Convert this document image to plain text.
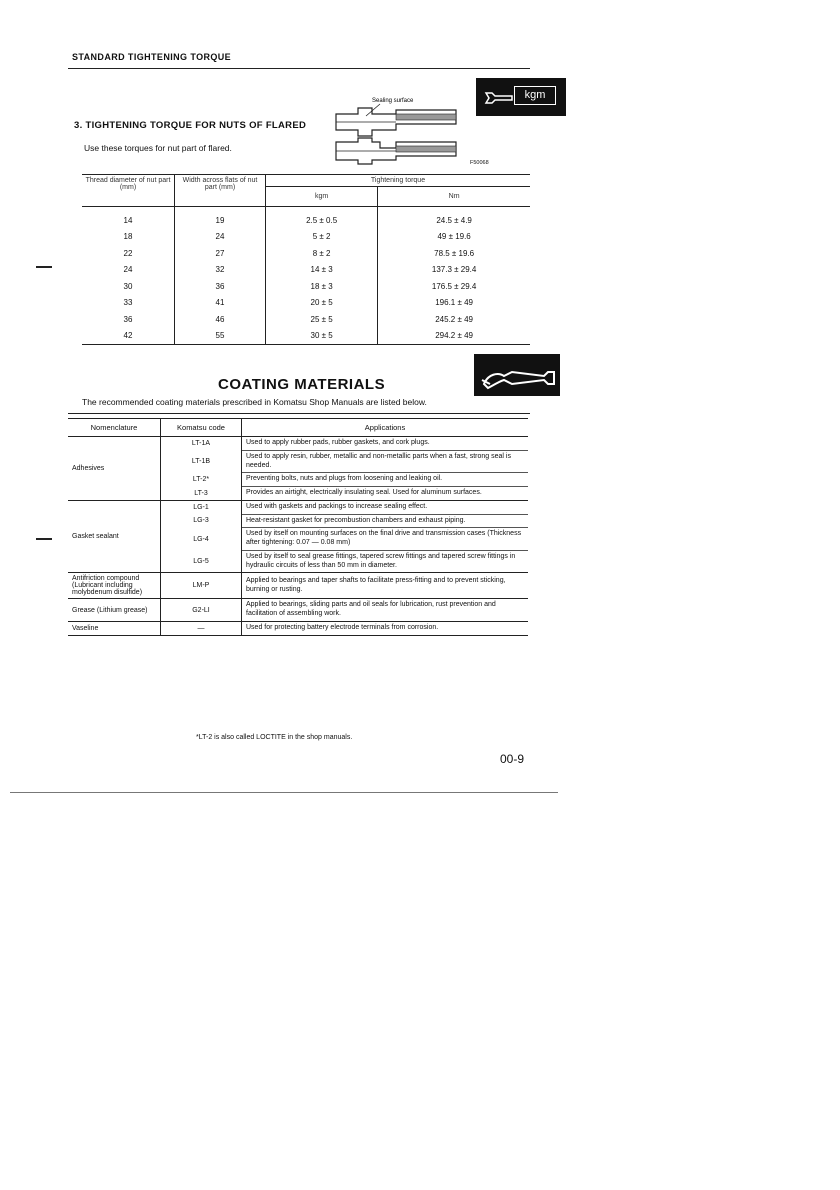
STANDARD TIGHTENING TORQUE
3. TIGHTENING TORQUE FOR NUTS OF FLARED
Use these torques for nut part of flared.
Sealing surface
F50068
kgm
Thread diameter of nut part (mm)	Width across flats of nut part (mm)	Tightening torque	
		kgm	Nm
14	19	2.5 ± 0.5	24.5 ± 4.9
18	24	5 ± 2	49 ± 19.6
22	27	8 ± 2	78.5 ± 19.6
24	32	14 ± 3	137.3 ± 29.4
30	36	18 ± 3	176.5 ± 29.4
33	41	20 ± 5	196.1 ± 49
36	46	25 ± 5	245.2 ± 49
42	55	30 ± 5	294.2 ± 49
COATING MATERIALS
The recommended coating materials prescribed in Komatsu Shop Manuals are listed below.
Nomenclature	Komatsu code	Applications
Adhesives	LT-1A	Used to apply rubber pads, rubber gaskets, and cork plugs.
	LT-1B	Used to apply resin, rubber, metallic and non-metallic parts when a fast, strong seal is needed.
	LT-2*	Preventing bolts, nuts and plugs from loosening and leaking oil.
	LT-3	Provides an airtight, electrically insulating seal. Used for aluminum surfaces.
Gasket sealant	LG-1	Used with gaskets and packings to increase sealing effect.
	LG-3	Heat-resistant gasket for precombustion chambers and exhaust piping.
	LG-4	Used by itself on mounting surfaces on the final drive and transmission cases (Thickness after tightening: 0.07 — 0.08 mm)
	LG-5	Used by itself to seal grease fittings, tapered screw fittings and tapered screw fittings in hydraulic circuits of less than 50 mm in diameter.
Antifriction compound (Lubricant including molybdenum disulfide)	LM-P	Applied to bearings and taper shafts to facilitate press-fitting and to prevent sticking, burning or rusting.
Grease (Lithium grease)	G2-LI	Applied to bearings, sliding parts and oil seals for lubrication, rust prevention and facilitation of assembling work.
Vaseline	—	Used for protecting battery electrode terminals from corrosion.
*LT-2 is also called LOCTITE in the shop manuals.
00-9
